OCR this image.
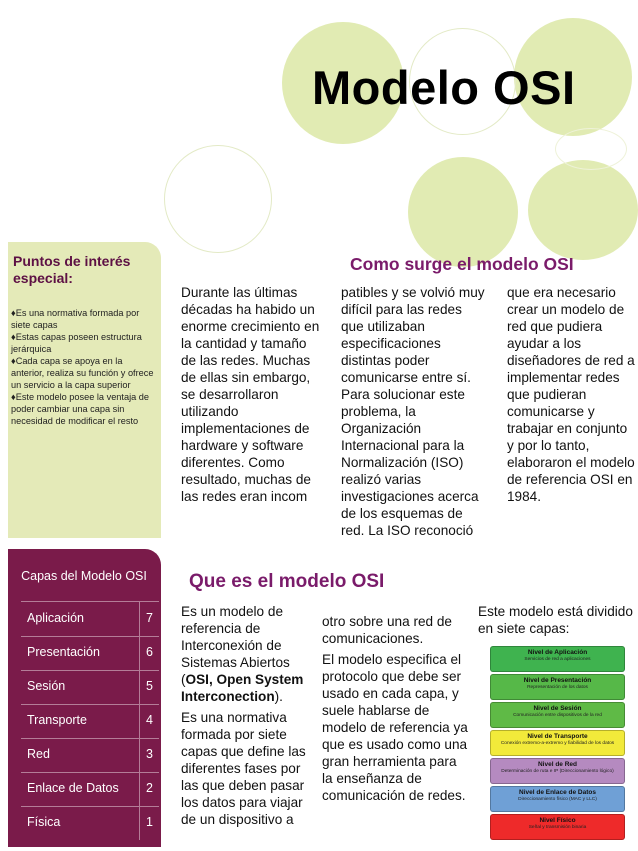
Modelo OSI
Puntos de interés especial:
♦Es una normativa formada por siete capas
♦Estas capas poseen estructura jerárquica
♦Cada capa se apoya en la anterior, realiza su función y ofrece un servicio a la capa superior
♦Este modelo posee la ventaja de poder cambiar una capa sin necesidad de modificar el resto
Capas del Modelo OSI
Aplicación	7
Presentación	6
Sesión	5
Transporte	4
Red	3
Enlace de Datos 2
Física	1
Como surge el modelo OSI
Durante las últimas décadas ha habido un enorme crecimiento en la cantidad y tamaño de las redes. Muchas de ellas sin embargo, se desarrollaron utilizando implementaciones de hardware y software diferentes. Como resultado, muchas de las redes eran incom
patibles y se volvió muy difícil para las redes que utilizaban especificaciones distintas poder comunicarse entre sí. Para solucionar este problema, la Organización Internacional para la Normalización (ISO) realizó varias investigaciones acerca de los esquemas de red. La ISO reconoció
que era necesario crear un modelo de red que pudiera ayudar a los diseñadores de red a implementar redes que pudieran comunicarse y trabajar en conjunto y por lo tanto, elaboraron el modelo de referencia OSI en 1984.
Que es el modelo OSI

Es un modelo de referencia de Interconexión de Sistemas Abiertos (OSI, Open System Interconection).

Es una normativa formada por siete capas que define las diferentes fases por las que deben pasar los datos para viajar de un dispositivo a

otro sobre una red de comunicaciones.

El modelo especifica el protocolo que debe ser usado en cada capa, y suele hablarse de modelo de referencia ya que es usado como una gran herramienta para la enseñanza de comunicación de redes.

Este modelo está dividido en siete capas:
Nivel de Aplicación
Servicios de red a aplicaciones
Nivel de Presentación
Representación de los datos
Nivel de Sesión
Comunicación entre dispositivos de la red
Nivel de Transporte
Conexión extremo-a-extremo y fiabilidad de los datos
Nivel de Red
Determinación de ruta e IP (Direccionamiento lógico)
Nivel de Enlace de Datos
Direccionamiento físico (MAC y LLC)
Nivel Físico
Señal y transmisión binaria
